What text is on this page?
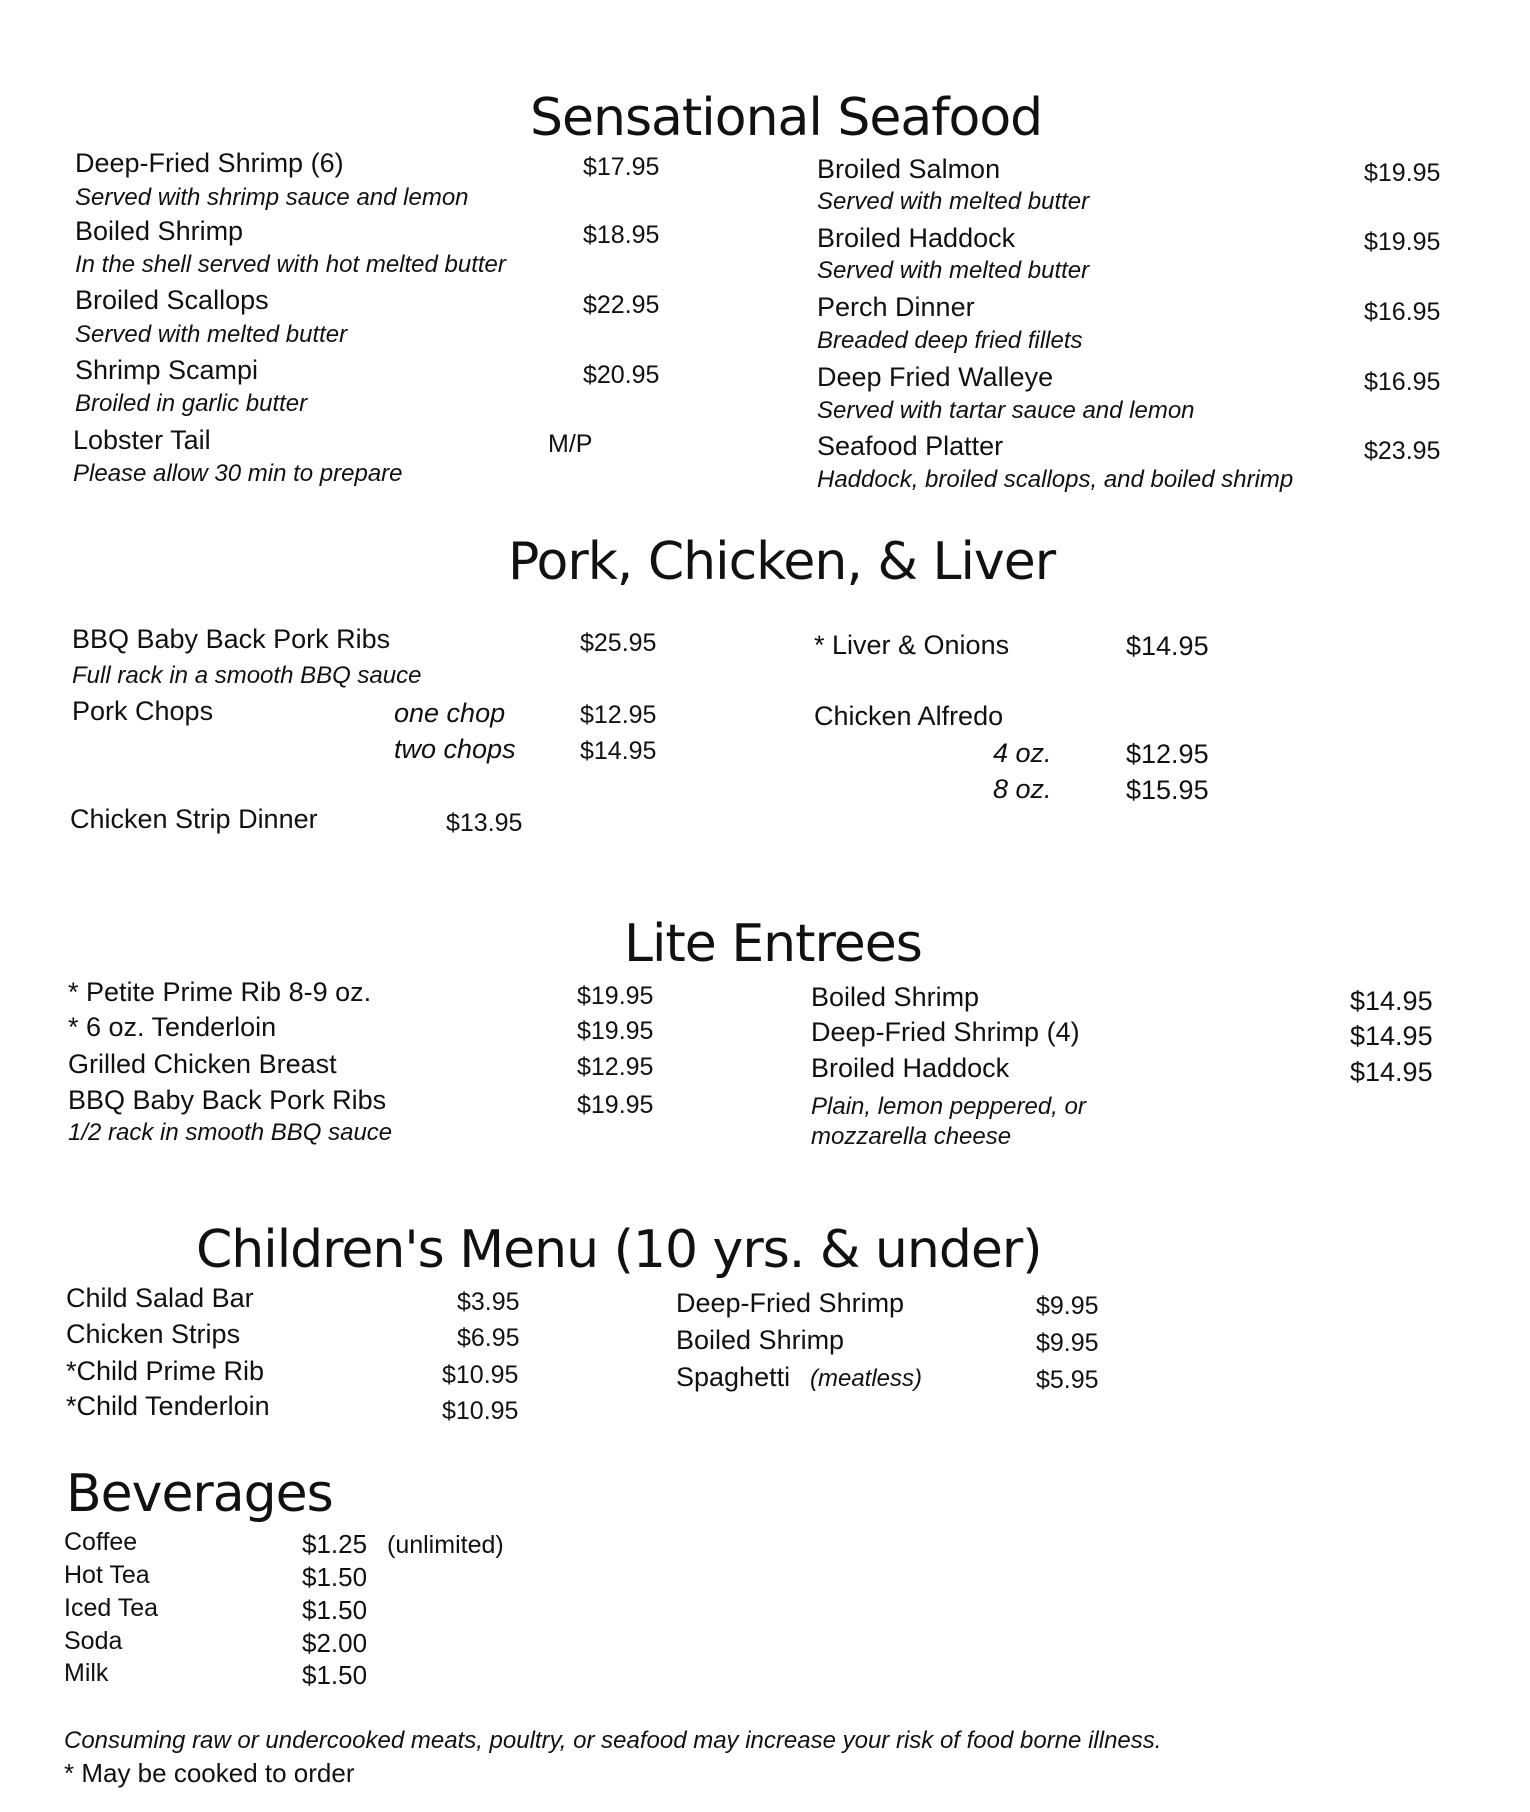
Sensational Seafood
Deep-Fried Shrimp (6)	$17.95
Served with shrimp sauce and lemon
Boiled Shrimp	$18.95
In the shell served with hot melted butter
Broiled Scallops	$22.95
Served with melted butter
Shrimp Scampi	$20.95
Broiled in garlic butter
Lobster Tail	M/P
Please allow 30 min to prepare
Broiled Salmon	$19.95
Served with melted butter
Broiled Haddock	$19.95
Served with melted butter
Perch Dinner	$16.95
Breaded deep fried fillets
Deep Fried Walleye	$16.95
Served with tartar sauce and lemon
Seafood Platter	$23.95
Haddock, broiled scallops, and boiled shrimp
Pork, Chicken, & Liver
BBQ Baby Back Pork Ribs	$25.95
Full rack in a smooth BBQ sauce
Pork Chops	one chop	$12.95
two chops	$14.95
Chicken Strip Dinner	$13.95
* Liver & Onions	$14.95
Chicken Alfredo
4 oz.	$12.95
8 oz.	$15.95
Lite Entrees
* Petite Prime Rib 8-9 oz.	$19.95
* 6 oz. Tenderloin	$19.95
Grilled Chicken Breast	$12.95
BBQ Baby Back Pork Ribs	$19.95
1/2 rack in smooth BBQ sauce
Boiled Shrimp	$14.95
Deep-Fried Shrimp (4)	$14.95
Broiled Haddock	$14.95
Plain, lemon peppered, or
mozzarella cheese
Children's Menu (10 yrs. & under)
Child Salad Bar	$3.95
Chicken Strips	$6.95
*Child Prime Rib	$10.95
*Child Tenderloin	$10.95
Deep-Fried Shrimp	$9.95
Boiled Shrimp	$9.95
Spaghetti (meatless)	$5.95
Beverages
Coffee	$1.25 (unlimited)
Hot Tea	$1.50
Iced Tea	$1.50
Soda	$2.00
Milk	$1.50
Consuming raw or undercooked meats, poultry, or seafood may increase your risk of food borne illness.
* May be cooked to order
